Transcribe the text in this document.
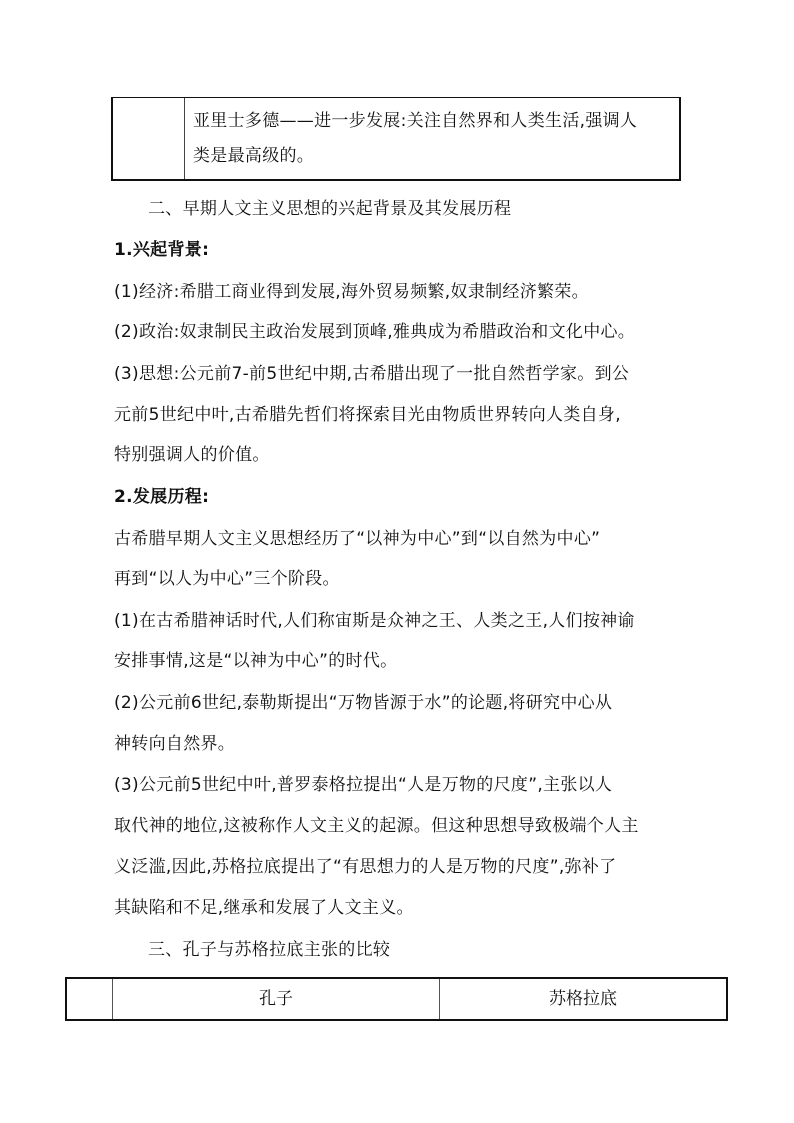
亚里士多德——进一步发展:关注自然界和人类生活,强调人
类是最高级的。
二、早期人文主义思想的兴起背景及其发展历程
1.兴起背景:
(1)经济:希腊工商业得到发展,海外贸易频繁,奴隶制经济繁荣。
(2)政治:奴隶制民主政治发展到顶峰,雅典成为希腊政治和文化中心。
(3)思想:公元前7-前5世纪中期,古希腊出现了一批自然哲学家。到公
元前5世纪中叶,古希腊先哲们将探索目光由物质世界转向人类自身,
特别强调人的价值。
2.发展历程:
古希腊早期人文主义思想经历了“以神为中心”到“以自然为中心”
再到“以人为中心”三个阶段。
(1)在古希腊神话时代,人们称宙斯是众神之王、人类之王,人们按神谕
安排事情,这是“以神为中心”的时代。
(2)公元前6世纪,泰勒斯提出“万物皆源于水”的论题,将研究中心从
神转向自然界。
(3)公元前5世纪中叶,普罗泰格拉提出“人是万物的尺度”,主张以人
取代神的地位,这被称作人文主义的起源。但这种思想导致极端个人主
义泛滥,因此,苏格拉底提出了“有思想力的人是万物的尺度”,弥补了
其缺陷和不足,继承和发展了人文主义。
三、孔子与苏格拉底主张的比较
孔子	苏格拉底
